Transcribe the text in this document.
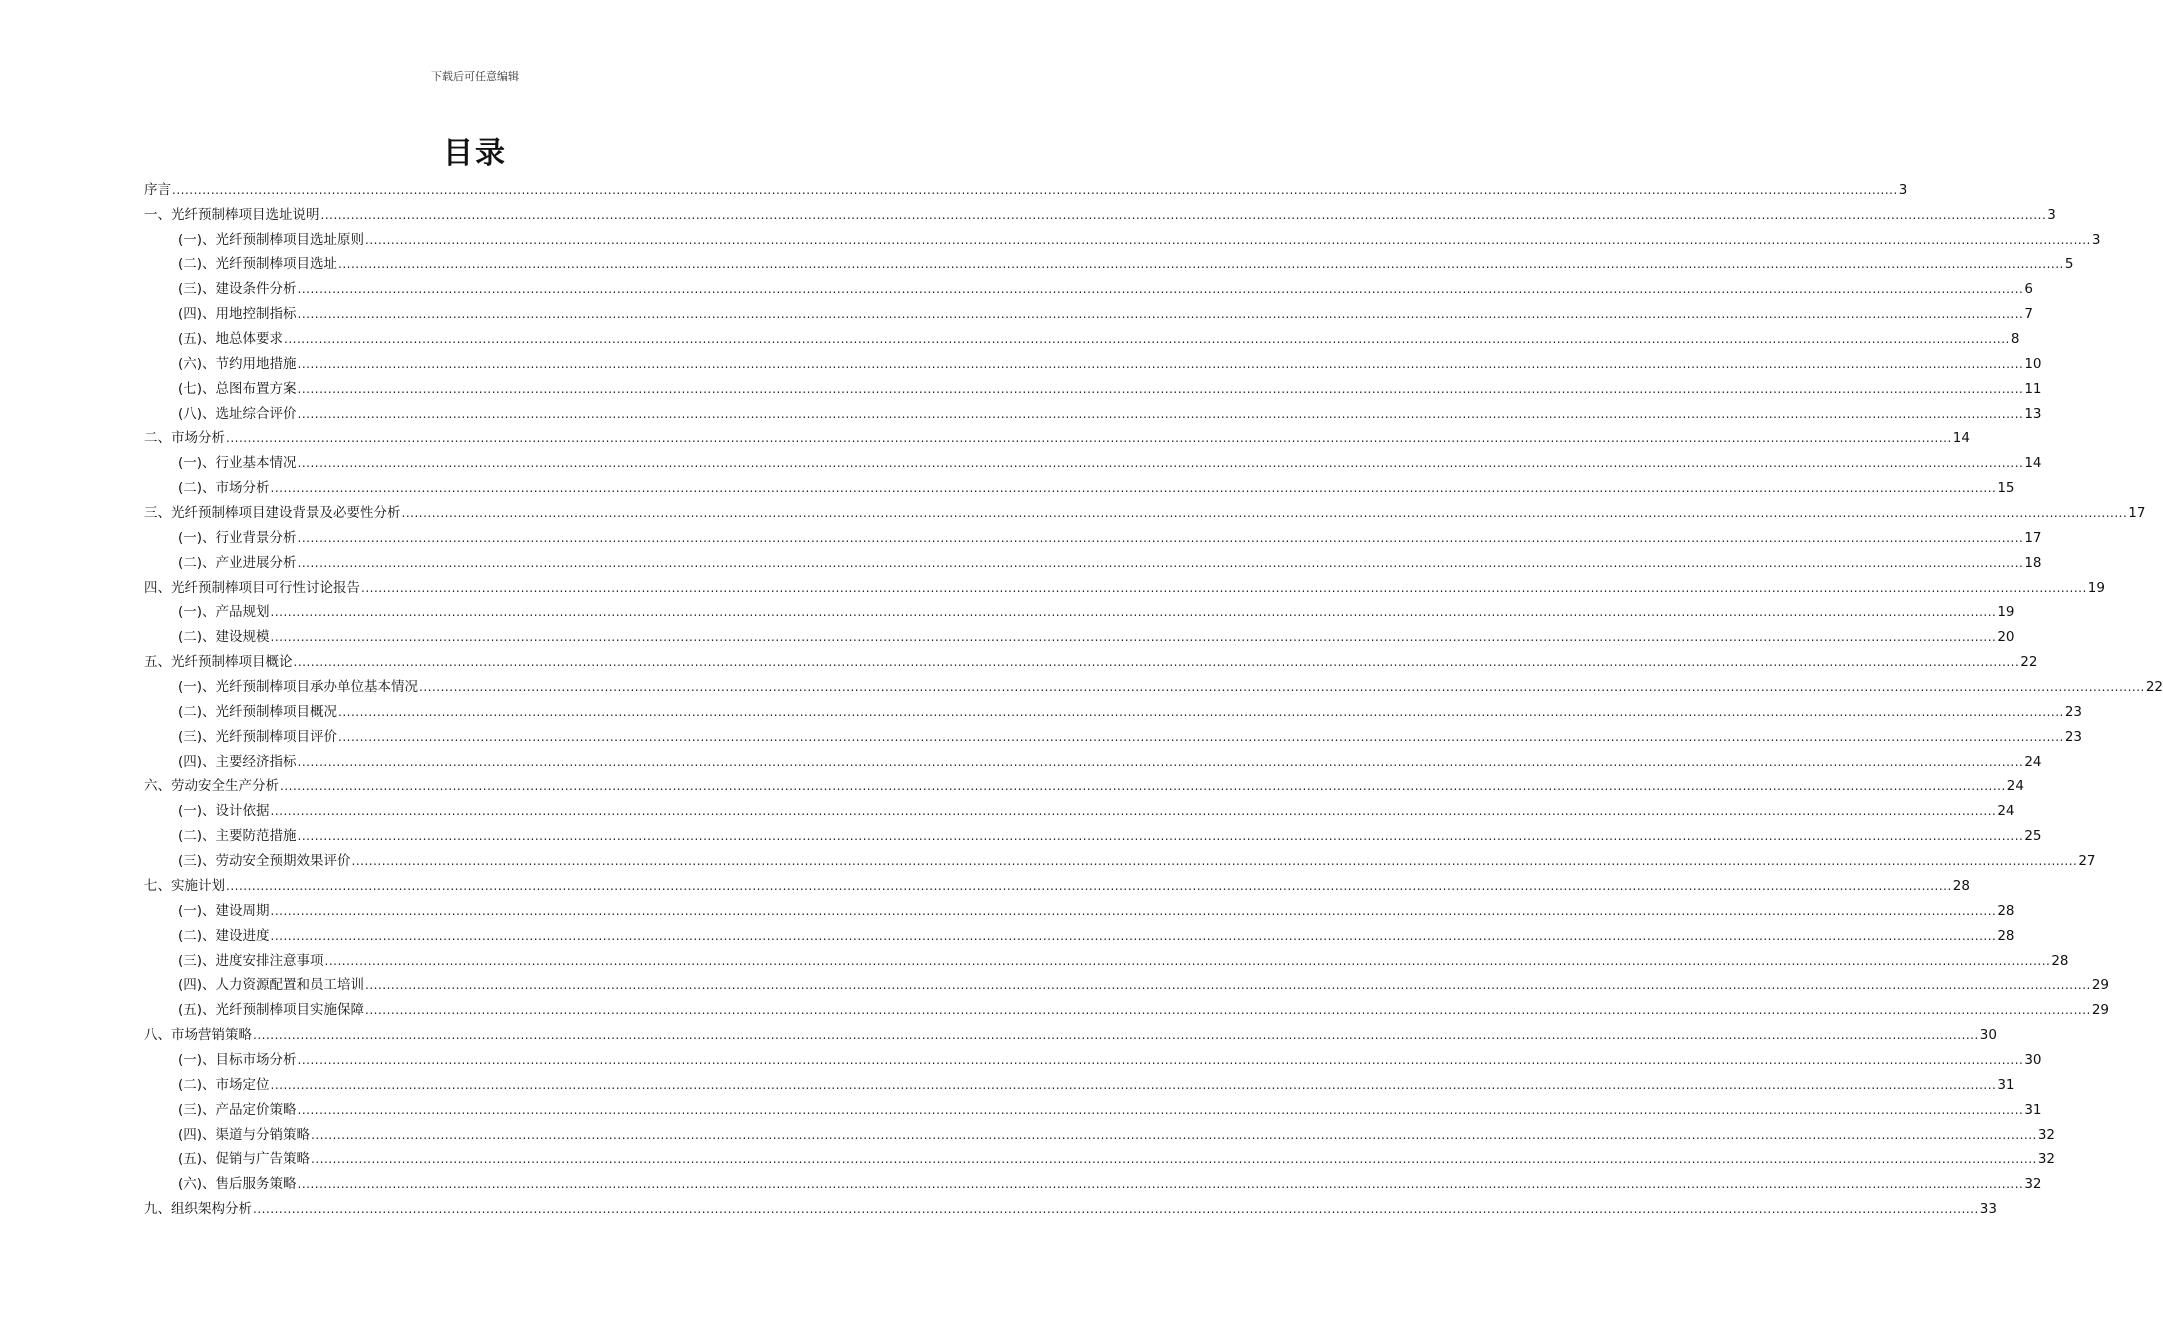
下载后可任意编辑
目录
序言 ................................................................................................................................................................................................................................................................................................................................................................................................................ 3
一、光纤预制棒项目选址说明 ................................................................................................................................................................................................................................................................................................................................................................................................................ 3
(一)、光纤预制棒项目选址原则 ................................................................................................................................................................................................................................................................................................................................................................................................................ 3
(二)、光纤预制棒项目选址 ................................................................................................................................................................................................................................................................................................................................................................................................................ 5
(三)、建设条件分析 ................................................................................................................................................................................................................................................................................................................................................................................................................ 6
(四)、用地控制指标 ................................................................................................................................................................................................................................................................................................................................................................................................................ 7
(五)、地总体要求 ................................................................................................................................................................................................................................................................................................................................................................................................................ 8
(六)、节约用地措施 ................................................................................................................................................................................................................................................................................................................................................................................................................ 10
(七)、总图布置方案 ................................................................................................................................................................................................................................................................................................................................................................................................................ 11
(八)、选址综合评价 ................................................................................................................................................................................................................................................................................................................................................................................................................ 13
二、市场分析 ................................................................................................................................................................................................................................................................................................................................................................................................................ 14
(一)、行业基本情况 ................................................................................................................................................................................................................................................................................................................................................................................................................ 14
(二)、市场分析 ................................................................................................................................................................................................................................................................................................................................................................................................................ 15
三、光纤预制棒项目建设背景及必要性分析 ................................................................................................................................................................................................................................................................................................................................................................................................................ 17
(一)、行业背景分析 ................................................................................................................................................................................................................................................................................................................................................................................................................ 17
(二)、产业进展分析 ................................................................................................................................................................................................................................................................................................................................................................................................................ 18
四、光纤预制棒项目可行性讨论报告 ................................................................................................................................................................................................................................................................................................................................................................................................................ 19
(一)、产品规划 ................................................................................................................................................................................................................................................................................................................................................................................................................ 19
(二)、建设规模 ................................................................................................................................................................................................................................................................................................................................................................................................................ 20
五、光纤预制棒项目概论 ................................................................................................................................................................................................................................................................................................................................................................................................................ 22
(一)、光纤预制棒项目承办单位基本情况 ................................................................................................................................................................................................................................................................................................................................................................................................................ 22
(二)、光纤预制棒项目概况 ................................................................................................................................................................................................................................................................................................................................................................................................................ 23
(三)、光纤预制棒项目评价 ................................................................................................................................................................................................................................................................................................................................................................................................................ 23
(四)、主要经济指标 ................................................................................................................................................................................................................................................................................................................................................................................................................ 24
六、劳动安全生产分析 ................................................................................................................................................................................................................................................................................................................................................................................................................ 24
(一)、设计依据 ................................................................................................................................................................................................................................................................................................................................................................................................................ 24
(二)、主要防范措施 ................................................................................................................................................................................................................................................................................................................................................................................................................ 25
(三)、劳动安全预期效果评价 ................................................................................................................................................................................................................................................................................................................................................................................................................ 27
七、实施计划 ................................................................................................................................................................................................................................................................................................................................................................................................................ 28
(一)、建设周期 ................................................................................................................................................................................................................................................................................................................................................................................................................ 28
(二)、建设进度 ................................................................................................................................................................................................................................................................................................................................................................................................................ 28
(三)、进度安排注意事项 ................................................................................................................................................................................................................................................................................................................................................................................................................ 28
(四)、人力资源配置和员工培训 ................................................................................................................................................................................................................................................................................................................................................................................................................ 29
(五)、光纤预制棒项目实施保障 ................................................................................................................................................................................................................................................................................................................................................................................................................ 29
八、市场营销策略 ................................................................................................................................................................................................................................................................................................................................................................................................................ 30
(一)、目标市场分析 ................................................................................................................................................................................................................................................................................................................................................................................................................ 30
(二)、市场定位 ................................................................................................................................................................................................................................................................................................................................................................................................................ 31
(三)、产品定价策略 ................................................................................................................................................................................................................................................................................................................................................................................................................ 31
(四)、渠道与分销策略 ................................................................................................................................................................................................................................................................................................................................................................................................................ 32
(五)、促销与广告策略 ................................................................................................................................................................................................................................................................................................................................................................................................................ 32
(六)、售后服务策略 ................................................................................................................................................................................................................................................................................................................................................................................................................ 32
九、组织架构分析 ................................................................................................................................................................................................................................................................................................................................................................................................................ 33
